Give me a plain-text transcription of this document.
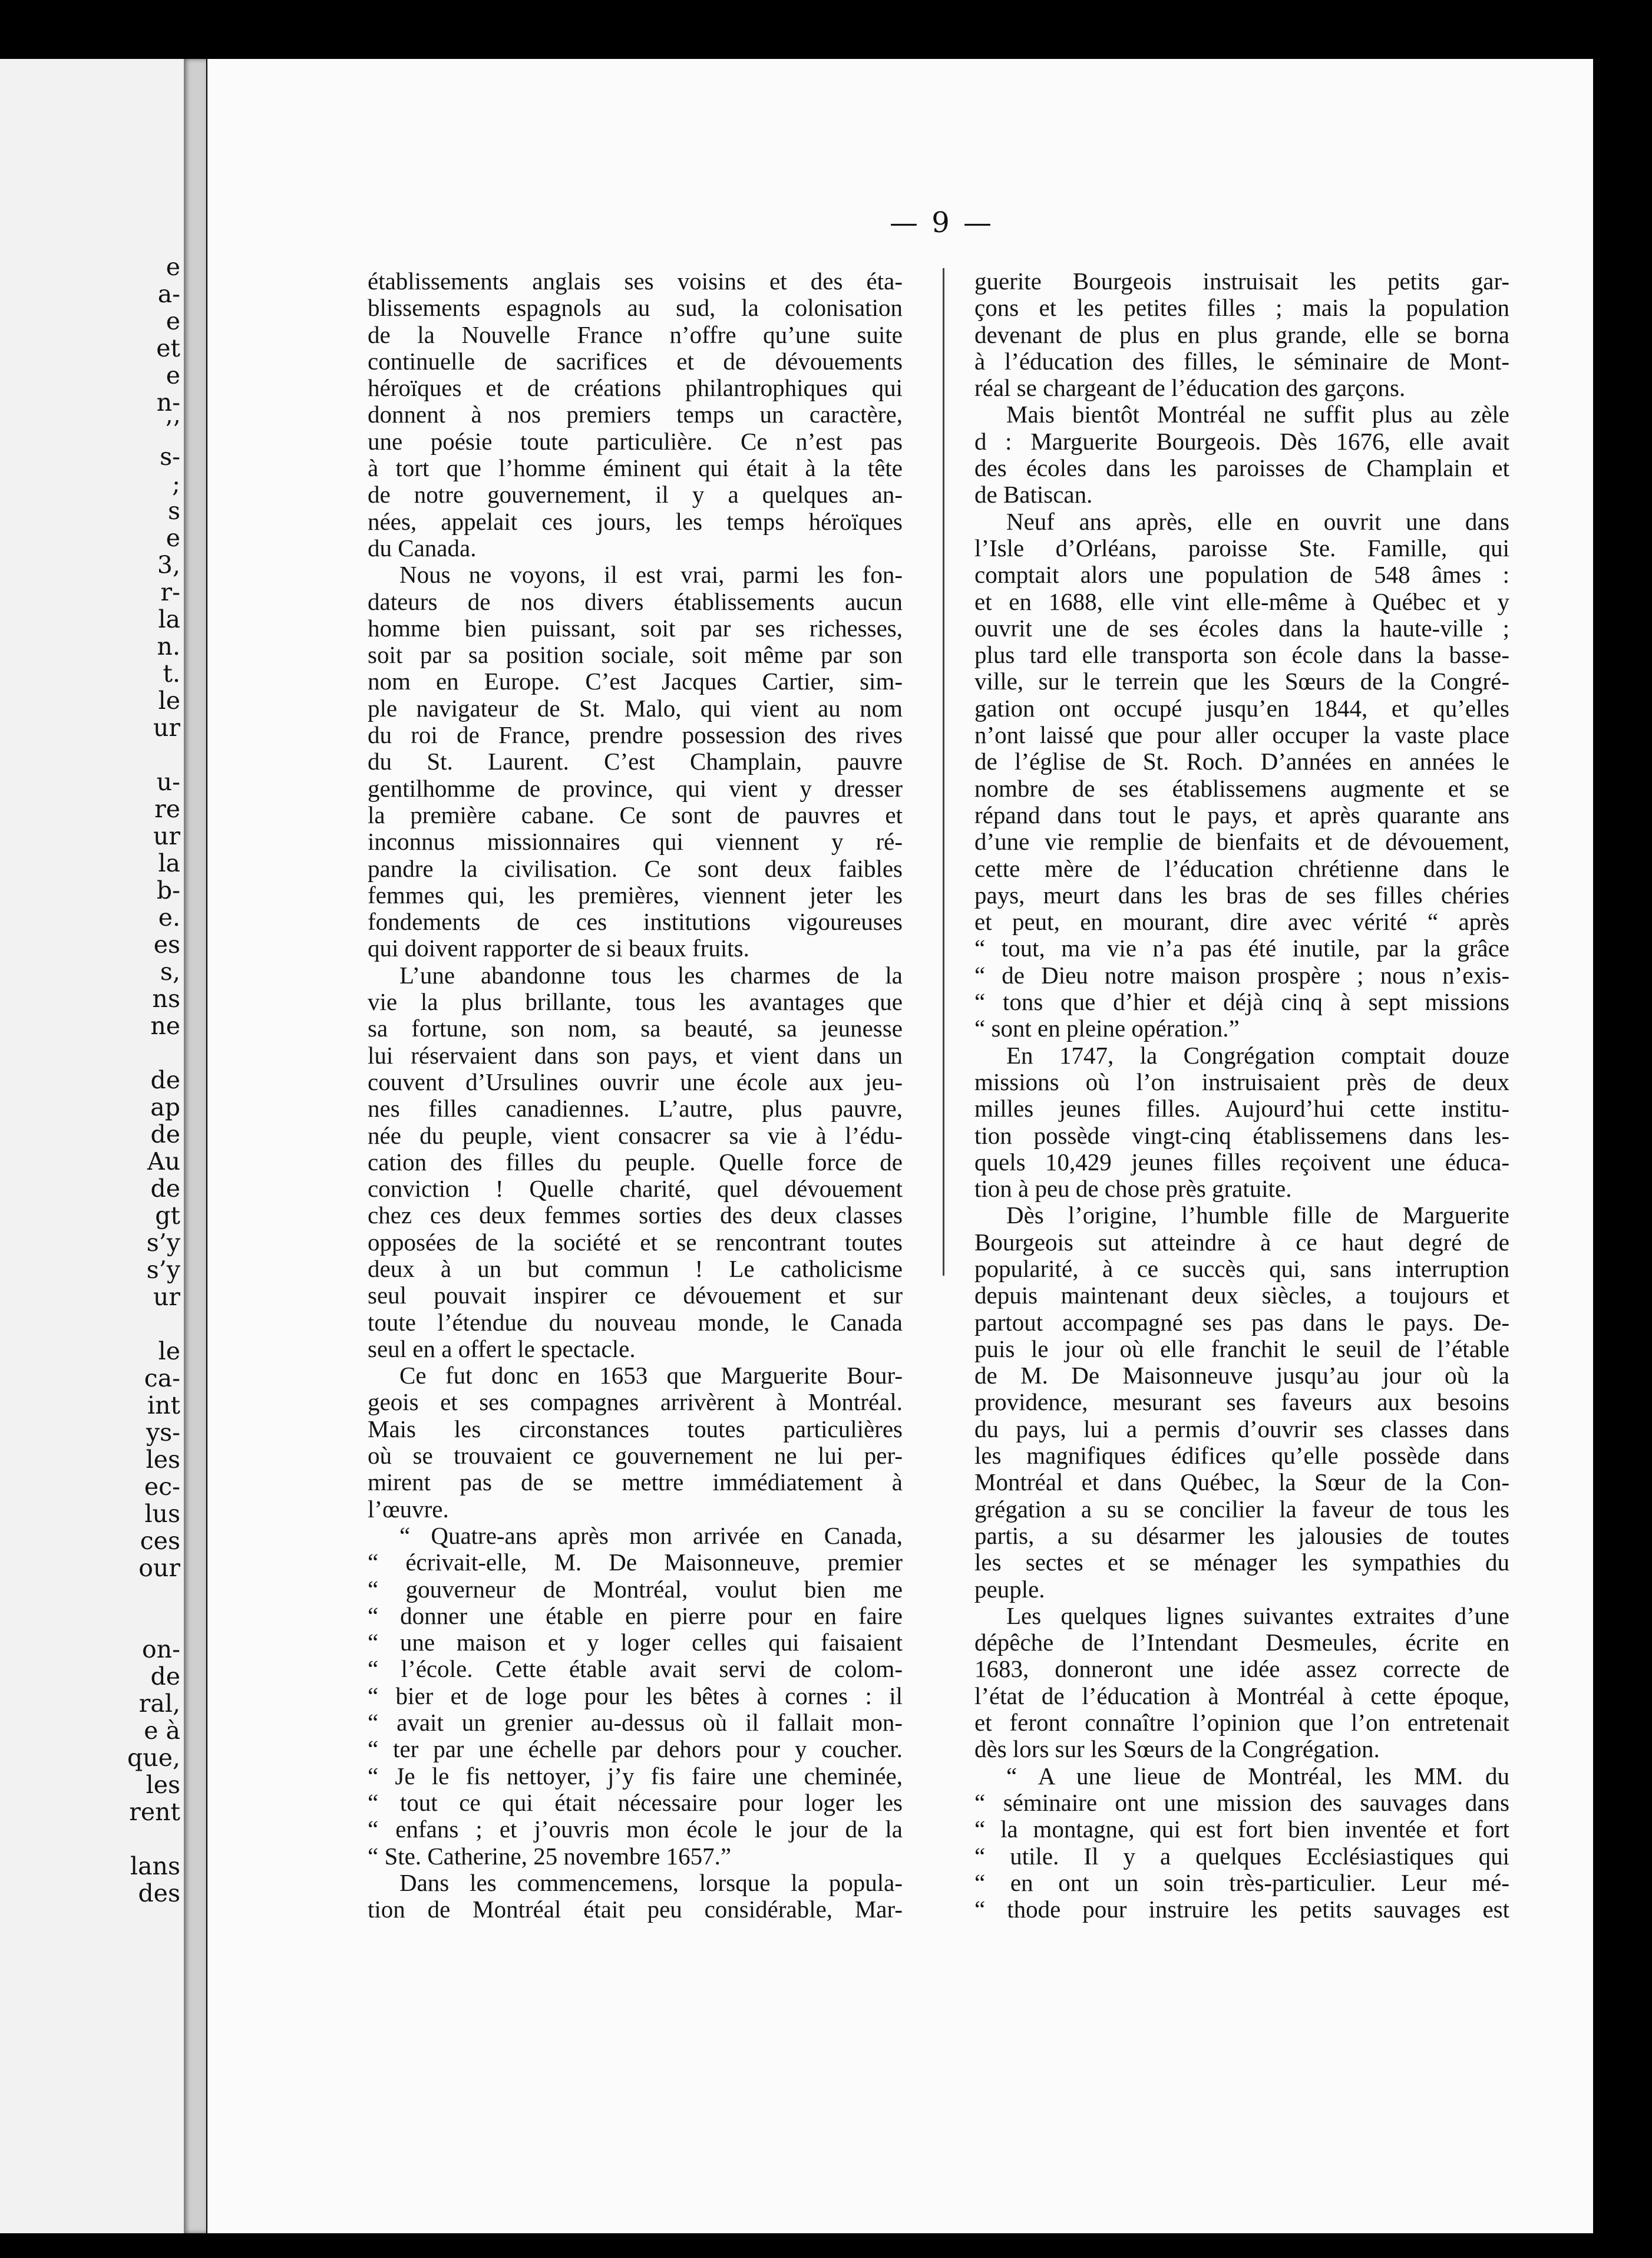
e
a-
e
et
e
n-
’’
s-
;
s
e
3,
r-
la
n.
t.
le
ur
u-
re
ur
la
b-
e.
es
s,
ns
ne
de
ap
de
Au
de
gt
s’y
s’y
ur
le
ca-
int
ys-
les
ec-
lus
ces
our
on-
de
ral,
e à
que,
les
rent
lans
des
— 9 —
établissements anglais ses voisins et des éta-
blissements espagnols au sud, la colonisation
de la Nouvelle France n’offre qu’une suite
continuelle de sacrifices et de dévouements
héroïques et de créations philantrophiques qui
donnent à nos premiers temps un caractère,
une poésie toute particulière. Ce n’est pas
à tort que l’homme éminent qui était à la tête
de notre gouvernement, il y a quelques an-
nées, appelait ces jours, les temps héroïques
du Canada.
Nous ne voyons, il est vrai, parmi les fon-
dateurs de nos divers établissements aucun
homme bien puissant, soit par ses richesses,
soit par sa position sociale, soit même par son
nom en Europe. C’est Jacques Cartier, sim-
ple navigateur de St. Malo, qui vient au nom
du roi de France, prendre possession des rives
du St. Laurent. C’est Champlain, pauvre
gentilhomme de province, qui vient y dresser
la première cabane. Ce sont de pauvres et
inconnus missionnaires qui viennent y ré-
pandre la civilisation. Ce sont deux faibles
femmes qui, les premières, viennent jeter les
fondements de ces institutions vigoureuses
qui doivent rapporter de si beaux fruits.
L’une abandonne tous les charmes de la
vie la plus brillante, tous les avantages que
sa fortune, son nom, sa beauté, sa jeunesse
lui réservaient dans son pays, et vient dans un
couvent d’Ursulines ouvrir une école aux jeu-
nes filles canadiennes. L’autre, plus pauvre,
née du peuple, vient consacrer sa vie à l’édu-
cation des filles du peuple. Quelle force de
conviction ! Quelle charité, quel dévouement
chez ces deux femmes sorties des deux classes
opposées de la société et se rencontrant toutes
deux à un but commun ! Le catholicisme
seul pouvait inspirer ce dévouement et sur
toute l’étendue du nouveau monde, le Canada
seul en a offert le spectacle.
Ce fut donc en 1653 que Marguerite Bour-
geois et ses compagnes arrivèrent à Montréal.
Mais les circonstances toutes particulières
où se trouvaient ce gouvernement ne lui per-
mirent pas de se mettre immédiatement à
l’œuvre.
“ Quatre-ans après mon arrivée en Canada,
“ écrivait-elle, M. De Maisonneuve, premier
“ gouverneur de Montréal, voulut bien me
“ donner une étable en pierre pour en faire
“ une maison et y loger celles qui faisaient
“ l’école. Cette étable avait servi de colom-
“ bier et de loge pour les bêtes à cornes : il
“ avait un grenier au-dessus où il fallait mon-
“ ter par une échelle par dehors pour y coucher.
“ Je le fis nettoyer, j’y fis faire une cheminée,
“ tout ce qui était nécessaire pour loger les
“ enfans ; et j’ouvris mon école le jour de la
“ Ste. Catherine, 25 novembre 1657.”
Dans les commencemens, lorsque la popula-
tion de Montréal était peu considérable, Mar-
guerite Bourgeois instruisait les petits gar-
çons et les petites filles ; mais la population
devenant de plus en plus grande, elle se borna
à l’éducation des filles, le séminaire de Mont-
réal se chargeant de l’éducation des garçons.
Mais bientôt Montréal ne suffit plus au zèle
d : Marguerite Bourgeois. Dès 1676, elle avait
des écoles dans les paroisses de Champlain et
de Batiscan.
Neuf ans après, elle en ouvrit une dans
l’Isle d’Orléans, paroisse Ste. Famille, qui
comptait alors une population de 548 âmes :
et en 1688, elle vint elle-même à Québec et y
ouvrit une de ses écoles dans la haute-ville ;
plus tard elle transporta son école dans la basse-
ville, sur le terrein que les Sœurs de la Congré-
gation ont occupé jusqu’en 1844, et qu’elles
n’ont laissé que pour aller occuper la vaste place
de l’église de St. Roch. D’années en années le
nombre de ses établissemens augmente et se
répand dans tout le pays, et après quarante ans
d’une vie remplie de bienfaits et de dévouement,
cette mère de l’éducation chrétienne dans le
pays, meurt dans les bras de ses filles chéries
et peut, en mourant, dire avec vérité “ après
“ tout, ma vie n’a pas été inutile, par la grâce
“ de Dieu notre maison prospère ; nous n’exis-
“ tons que d’hier et déjà cinq à sept missions
“ sont en pleine opération.”
En 1747, la Congrégation comptait douze
missions où l’on instruisaient près de deux
milles jeunes filles. Aujourd’hui cette institu-
tion possède vingt-cinq établissemens dans les-
quels 10,429 jeunes filles reçoivent une éduca-
tion à peu de chose près gratuite.
Dès l’origine, l’humble fille de Marguerite
Bourgeois sut atteindre à ce haut degré de
popularité, à ce succès qui, sans interruption
depuis maintenant deux siècles, a toujours et
partout accompagné ses pas dans le pays. De-
puis le jour où elle franchit le seuil de l’étable
de M. De Maisonneuve jusqu’au jour où la
providence, mesurant ses faveurs aux besoins
du pays, lui a permis d’ouvrir ses classes dans
les magnifiques édifices qu’elle possède dans
Montréal et dans Québec, la Sœur de la Con-
grégation a su se concilier la faveur de tous les
partis, a su désarmer les jalousies de toutes
les sectes et se ménager les sympathies du
peuple.
Les quelques lignes suivantes extraites d’une
dépêche de l’Intendant Desmeules, écrite en
1683, donneront une idée assez correcte de
l’état de l’éducation à Montréal à cette époque,
et feront connaître l’opinion que l’on entretenait
dès lors sur les Sœurs de la Congrégation.
“ A une lieue de Montréal, les MM. du
“ séminaire ont une mission des sauvages dans
“ la montagne, qui est fort bien inventée et fort
“ utile. Il y a quelques Ecclésiastiques qui
“ en ont un soin très-particulier. Leur mé-
“ thode pour instruire les petits sauvages est
